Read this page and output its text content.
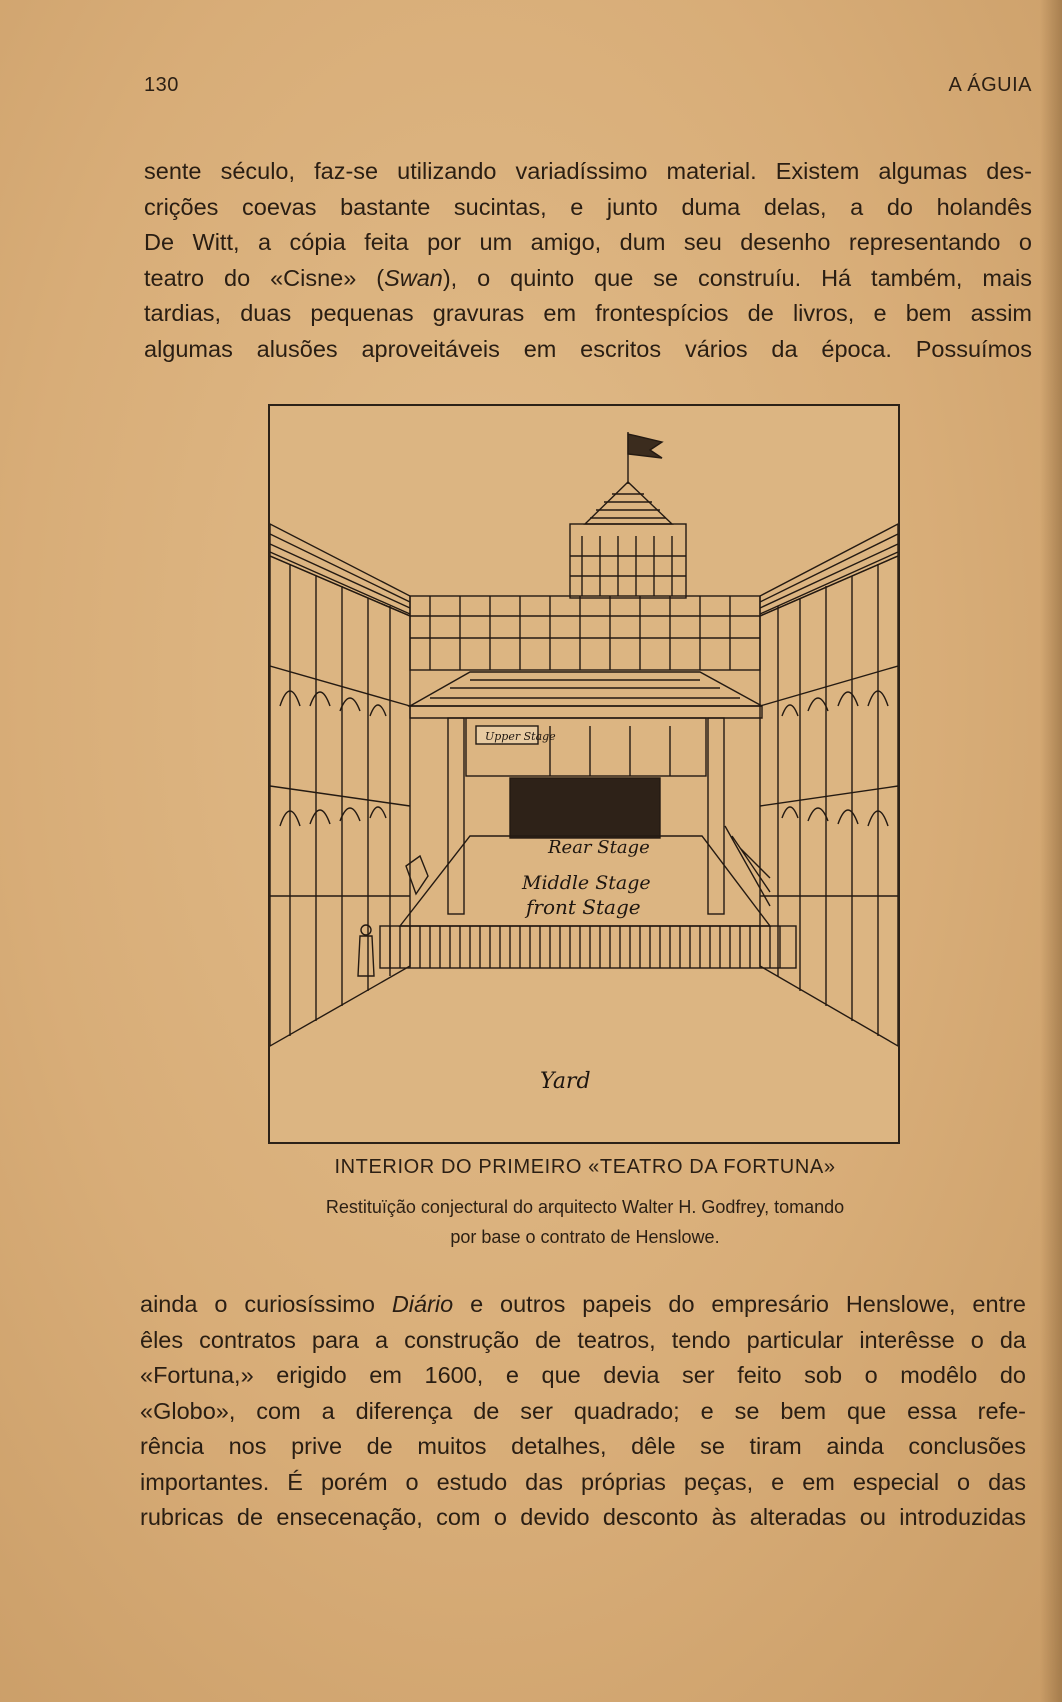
130	A ÁGUIA
sente século, faz-se utilizando variadíssimo material. Existem algumas des-
crições coevas bastante sucintas, e junto duma delas, a do holandês
De Witt, a cópia feita por um amigo, dum seu desenho representando o
teatro do «Cisne» (Swan), o quinto que se construíu. Há também, mais
tardias, duas pequenas gravuras em frontespícios de livros, e bem assim
algumas alusões aproveitáveis em escritos vários da época. Possuímos
Upper Stage
Rear Stage
Middle Stage
front Stage
Yard
INTERIOR DO PRIMEIRO «TEATRO DA FORTUNA»
Restituïção conjectural do arquitecto Walter H. Godfrey, tomando
por base o contrato de Henslowe.
ainda o curiosíssimo Diário e outros papeis do empresário Henslowe, entre
êles contratos para a construção de teatros, tendo particular interêsse o da
«Fortuna,» erigido em 1600, e que devia ser feito sob o modêlo do
«Globo», com a diferença de ser quadrado; e se bem que essa refe-
rência nos prive de muitos detalhes, dêle se tiram ainda conclusões
importantes. É porém o estudo das próprias peças, e em especial o das
rubricas de ensecenação, com o devido desconto às alteradas ou introduzidas
